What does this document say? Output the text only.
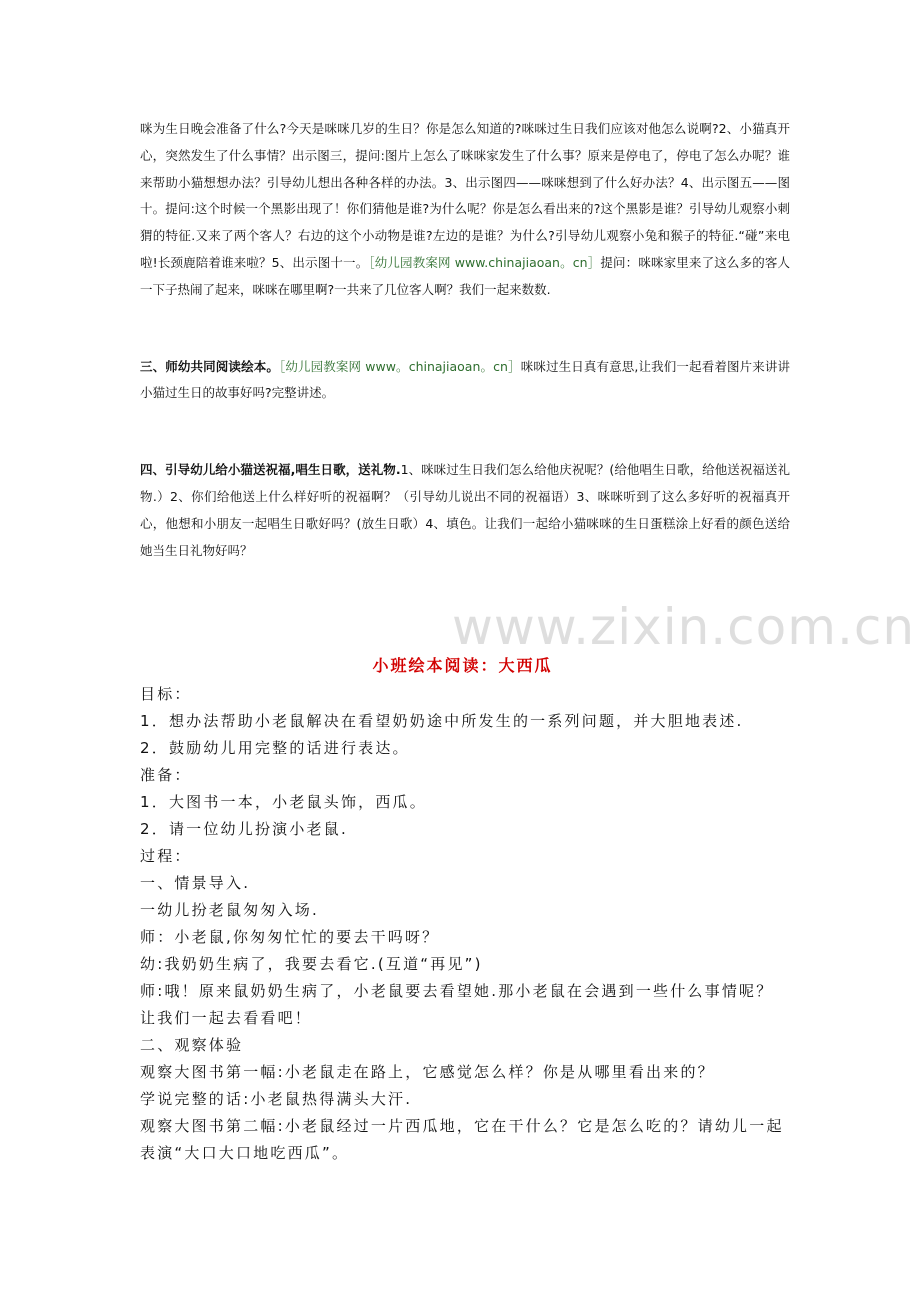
咪为生日晚会准备了什么?今天是咪咪几岁的生日？你是怎么知道的?咪咪过生日我们应该对他怎么说啊?2、小猫真开心，突然发生了什么事情？出示图三，提问:图片上怎么了咪咪家发生了什么事？原来是停电了，停电了怎么办呢？谁来帮助小猫想想办法？引导幼儿想出各种各样的办法。3、出示图四——咪咪想到了什么好办法？4、出示图五——图十。提问:这个时候一个黑影出现了！你们猜他是谁?为什么呢？你是怎么看出来的?这个黑影是谁？引导幼儿观察小刺猬的特征.又来了两个客人？右边的这个小动物是谁?左边的是谁？为什么?引导幼儿观察小兔和猴子的特征.“碰”来电啦!长颈鹿陪着谁来啦？5、出示图十一。［幼儿园教案网 www.chinajiaoan。cn］提问：咪咪家里来了这么多的客人一下子热闹了起来，咪咪在哪里啊?一共来了几位客人啊？我们一起来数数.

三、师幼共同阅读绘本。［幼儿园教案网 www。chinajiaoan。cn］咪咪过生日真有意思,让我们一起看着图片来讲讲小猫过生日的故事好吗?完整讲述。

四、引导幼儿给小猫送祝福,唱生日歌，送礼物.1、咪咪过生日我们怎么给他庆祝呢？(给他唱生日歌，给他送祝福送礼物.）2、你们给他送上什么样好听的祝福啊？（引导幼儿说出不同的祝福语）3、咪咪听到了这么多好听的祝福真开心，他想和小朋友一起唱生日歌好吗？(放生日歌）4、填色。让我们一起给小猫咪咪的生日蛋糕涂上好看的颜色送给她当生日礼物好吗？

www.zixin.com.cn
小班绘本阅读：大西瓜

目标：

1．想办法帮助小老鼠解决在看望奶奶途中所发生的一系列问题，并大胆地表述.

2．鼓励幼儿用完整的话进行表达。

准备：

1．大图书一本，小老鼠头饰，西瓜。

2．请一位幼儿扮演小老鼠.

过程：

一、情景导入.

一幼儿扮老鼠匆匆入场.

师：小老鼠,你匆匆忙忙的要去干吗呀？

幼:我奶奶生病了，我要去看它.(互道“再见”)

师:哦！原来鼠奶奶生病了，小老鼠要去看望她.那小老鼠在会遇到一些什么事情呢？让我们一起去看看吧！

二、观察体验

观察大图书第一幅:小老鼠走在路上，它感觉怎么样？你是从哪里看出来的？

学说完整的话:小老鼠热得满头大汗.

观察大图书第二幅:小老鼠经过一片西瓜地，它在干什么？它是怎么吃的？请幼儿一起表演“大口大口地吃西瓜”。
